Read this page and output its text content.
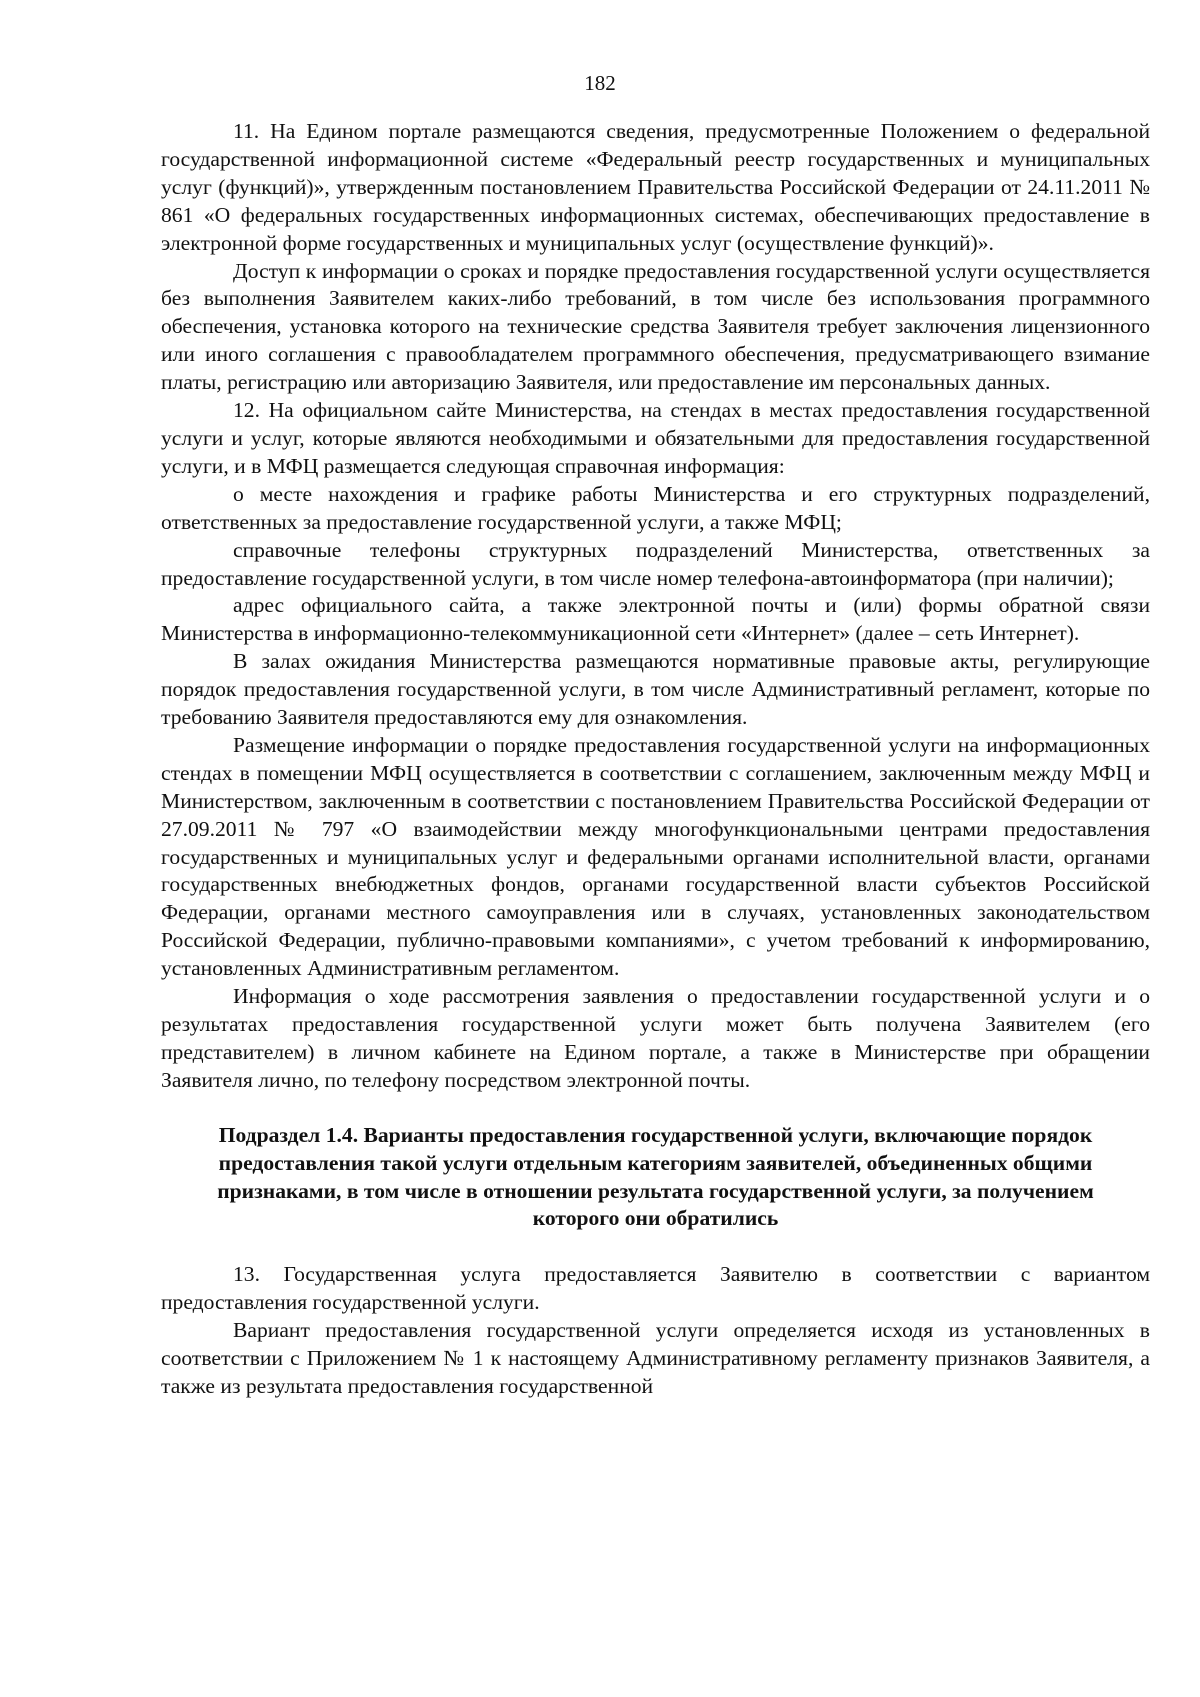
182

11. На Едином портале размещаются сведения, предусмотренные Положением о федеральной государственной информационной системе «Федеральный реестр государственных и муниципальных услуг (функций)», утвержденным постановлением Правительства Российской Федерации от 24.11.2011 № 861 «О федеральных государственных информационных системах, обеспечивающих предоставление в электронной форме государственных и муниципальных услуг (осуществление функций)».

Доступ к информации о сроках и порядке предоставления государственной услуги осуществляется без выполнения Заявителем каких-либо требований, в том числе без использования программного обеспечения, установка которого на технические средства Заявителя требует заключения лицензионного или иного соглашения с правообладателем программного обеспечения, предусматривающего взимание платы, регистрацию или авторизацию Заявителя, или предоставление им персональных данных.

12. На официальном сайте Министерства, на стендах в местах предоставления государственной услуги и услуг, которые являются необходимыми и обязательными для предоставления государственной услуги, и в МФЦ размещается следующая справочная информация:

о месте нахождения и графике работы Министерства и его структурных подразделений, ответственных за предоставление государственной услуги, а также МФЦ;

справочные телефоны структурных подразделений Министерства, ответственных за предоставление государственной услуги, в том числе номер телефона-автоинформатора (при наличии);

адрес официального сайта, а также электронной почты и (или) формы обратной связи Министерства в информационно-телекоммуникационной сети «Интернет» (далее – сеть Интернет).

В залах ожидания Министерства размещаются нормативные правовые акты, регулирующие порядок предоставления государственной услуги, в том числе Административный регламент, которые по требованию Заявителя предоставляются ему для ознакомления.

Размещение информации о порядке предоставления государственной услуги на информационных стендах в помещении МФЦ осуществляется в соответствии с соглашением, заключенным между МФЦ и Министерством, заключенным в соответствии с постановлением Правительства Российской Федерации от 27.09.2011 № 797 «О взаимодействии между многофункциональными центрами предоставления государственных и муниципальных услуг и федеральными органами исполнительной власти, органами государственных внебюджетных фондов, органами государственной власти субъектов Российской Федерации, органами местного самоуправления или в случаях, установленных законодательством Российской Федерации, публично-правовыми компаниями», с учетом требований к информированию, установленных Административным регламентом.

Информация о ходе рассмотрения заявления о предоставлении государственной услуги и о результатах предоставления государственной услуги может быть получена Заявителем (его представителем) в личном кабинете на Едином портале, а также в Министерстве при обращении Заявителя лично, по телефону посредством электронной почты.

Подраздел 1.4. Варианты предоставления государственной услуги, включающие порядок предоставления такой услуги отдельным категориям заявителей, объединенных общими признаками, в том числе в отношении результата государственной услуги, за получением которого они обратились

13. Государственная услуга предоставляется Заявителю в соответствии с вариантом предоставления государственной услуги.

Вариант предоставления государственной услуги определяется исходя из установленных в соответствии с Приложением № 1 к настоящему Административному регламенту признаков Заявителя, а также из результата предоставления государственной
